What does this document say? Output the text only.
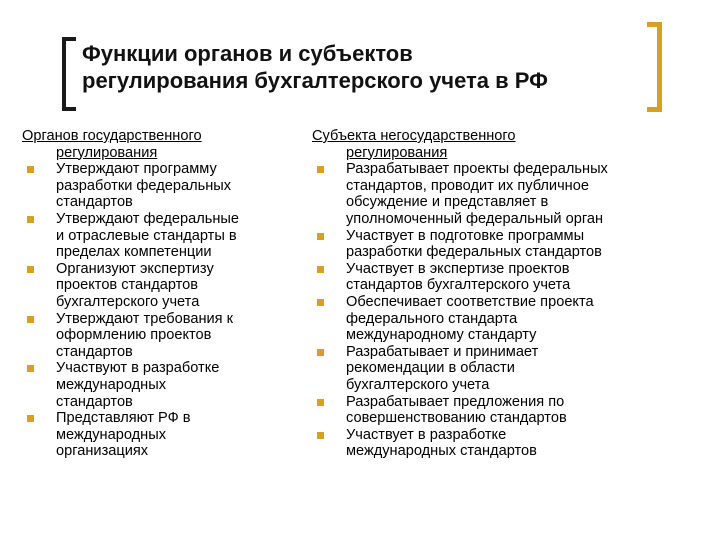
Функции органов и субъектов
регулирования бухгалтерского учета в РФ
Органов государственного
регулирования
Утверждают программу
разработки федеральных
стандартов
Утверждают федеральные
и отраслевые стандарты в
пределах компетенции
Организуют экспертизу
проектов стандартов
бухгалтерского учета
Утверждают требования к
оформлению проектов
стандартов
Участвуют в разработке
международных
стандартов
Представляют РФ в
международных
организациях
Субъекта негосударственного
регулирования
Разрабатывает проекты федеральных
стандартов, проводит их публичное
обсуждение и представляет в
уполномоченный федеральный орган
Участвует в подготовке программы
разработки федеральных стандартов
Участвует в экспертизе проектов
стандартов бухгалтерского учета
Обеспечивает соответствие проекта
федерального стандарта
международному стандарту
Разрабатывает и принимает
рекомендации в области
бухгалтерского учета
Разрабатывает предложения по
совершенствованию стандартов
Участвует в разработке
международных стандартов
